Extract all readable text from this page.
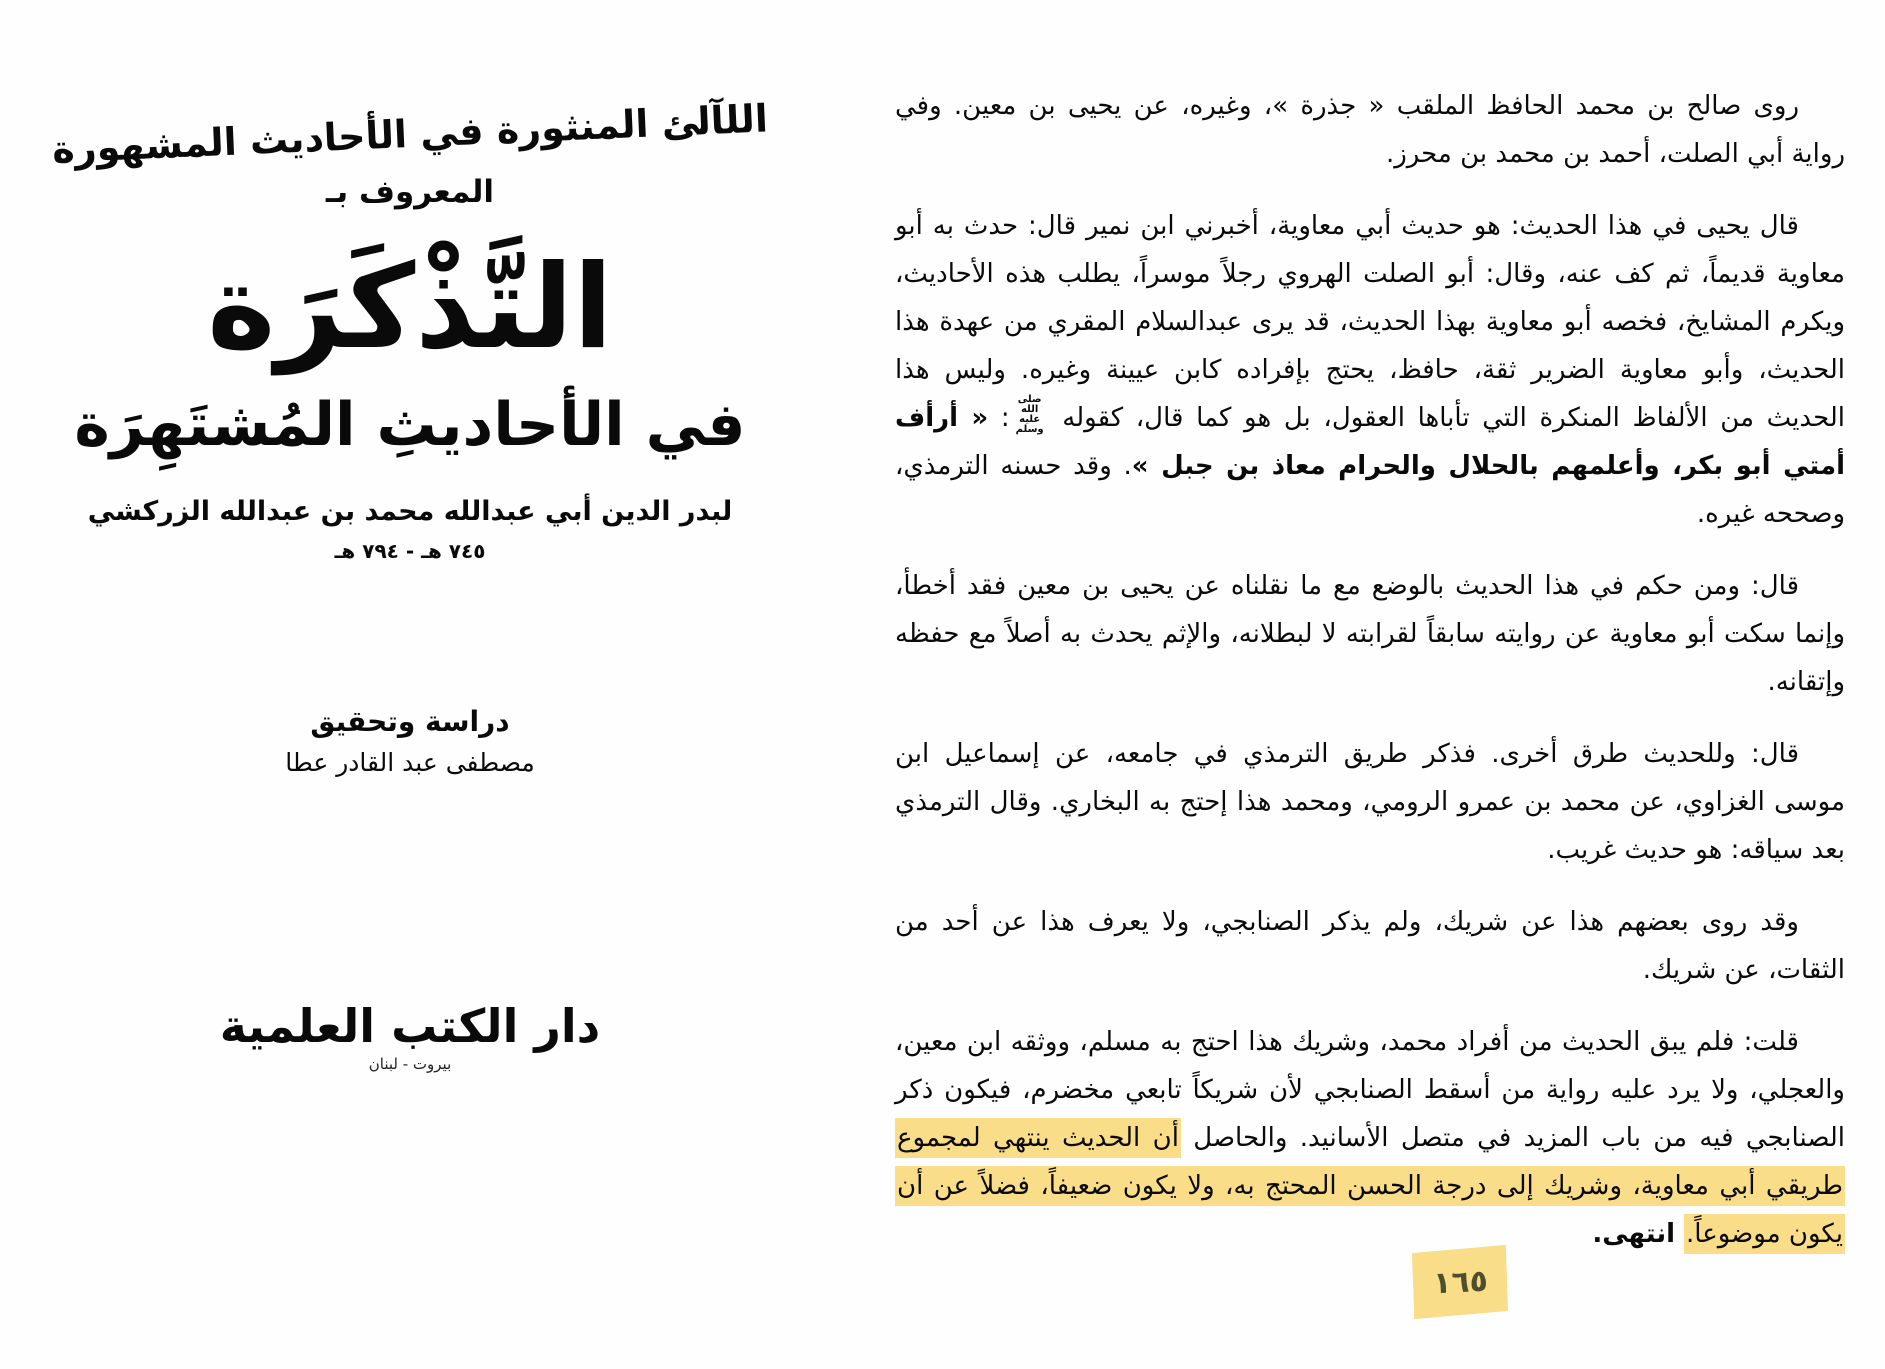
اللآلئ المنثورة في الأحاديث المشهورة
المعروف بـ
التَّذْكَرَة
في الأحاديثِ المُشتَهِرَة
لبدر الدين أبي عبدالله محمد بن عبدالله الزركشي
٧٤٥ هـ - ٧٩٤ هـ
دراسة وتحقيق
مصطفى عبد القادر عطا
دار الكتب العلمية
بيروت - لبنان

روى صالح بن محمد الحافظ الملقب « جذرة »، وغيره، عن يحيى بن معين. وفي رواية أبي الصلت، أحمد بن محمد بن محرز.

قال يحيى في هذا الحديث: هو حديث أبي معاوية، أخبرني ابن نمير قال: حدث به أبو معاوية قديماً، ثم كف عنه، وقال: أبو الصلت الهروي رجلاً موسراً، يطلب هذه الأحاديث، ويكرم المشايخ، فخصه أبو معاوية بهذا الحديث، قد يرى عبدالسلام المقري من عهدة هذا الحديث، وأبو معاوية الضرير ثقة، حافظ، يحتج بإفراده كابن عيينة وغيره. وليس هذا الحديث من الألفاظ المنكرة التي تأباها العقول، بل هو كما قال، كقوله صلى الله عليه وسلم: « أرأف أمتي أبو بكر، وأعلمهم بالحلال والحرام معاذ بن جبل ». وقد حسنه الترمذي، وصححه غيره.

قال: ومن حكم في هذا الحديث بالوضع مع ما نقلناه عن يحيى بن معين فقد أخطأ، وإنما سكت أبو معاوية عن روايته سابقاً لقرابته لا لبطلانه، والإثم يحدث به أصلاً مع حفظه وإتقانه.

قال: وللحديث طرق أخرى. فذكر طريق الترمذي في جامعه، عن إسماعيل ابن موسى الغزاوي، عن محمد بن عمرو الرومي، ومحمد هذا إحتج به البخاري. وقال الترمذي بعد سياقه: هو حديث غريب.

وقد روى بعضهم هذا عن شريك، ولم يذكر الصنابجي، ولا يعرف هذا عن أحد من الثقات، عن شريك.

قلت: فلم يبق الحديث من أفراد محمد، وشريك هذا احتج به مسلم، ووثقه ابن معين، والعجلي، ولا يرد عليه رواية من أسقط الصنابجي لأن شريكاً تابعي مخضرم، فيكون ذكر الصنابجي فيه من باب المزيد في متصل الأسانيد. والحاصل أن الحديث ينتهي لمجموع طريقي أبي معاوية، وشريك إلى درجة الحسن المحتج به، ولا يكون ضعيفاً، فضلاً عن أن يكون موضوعاً. انتهى.

١٦٥
